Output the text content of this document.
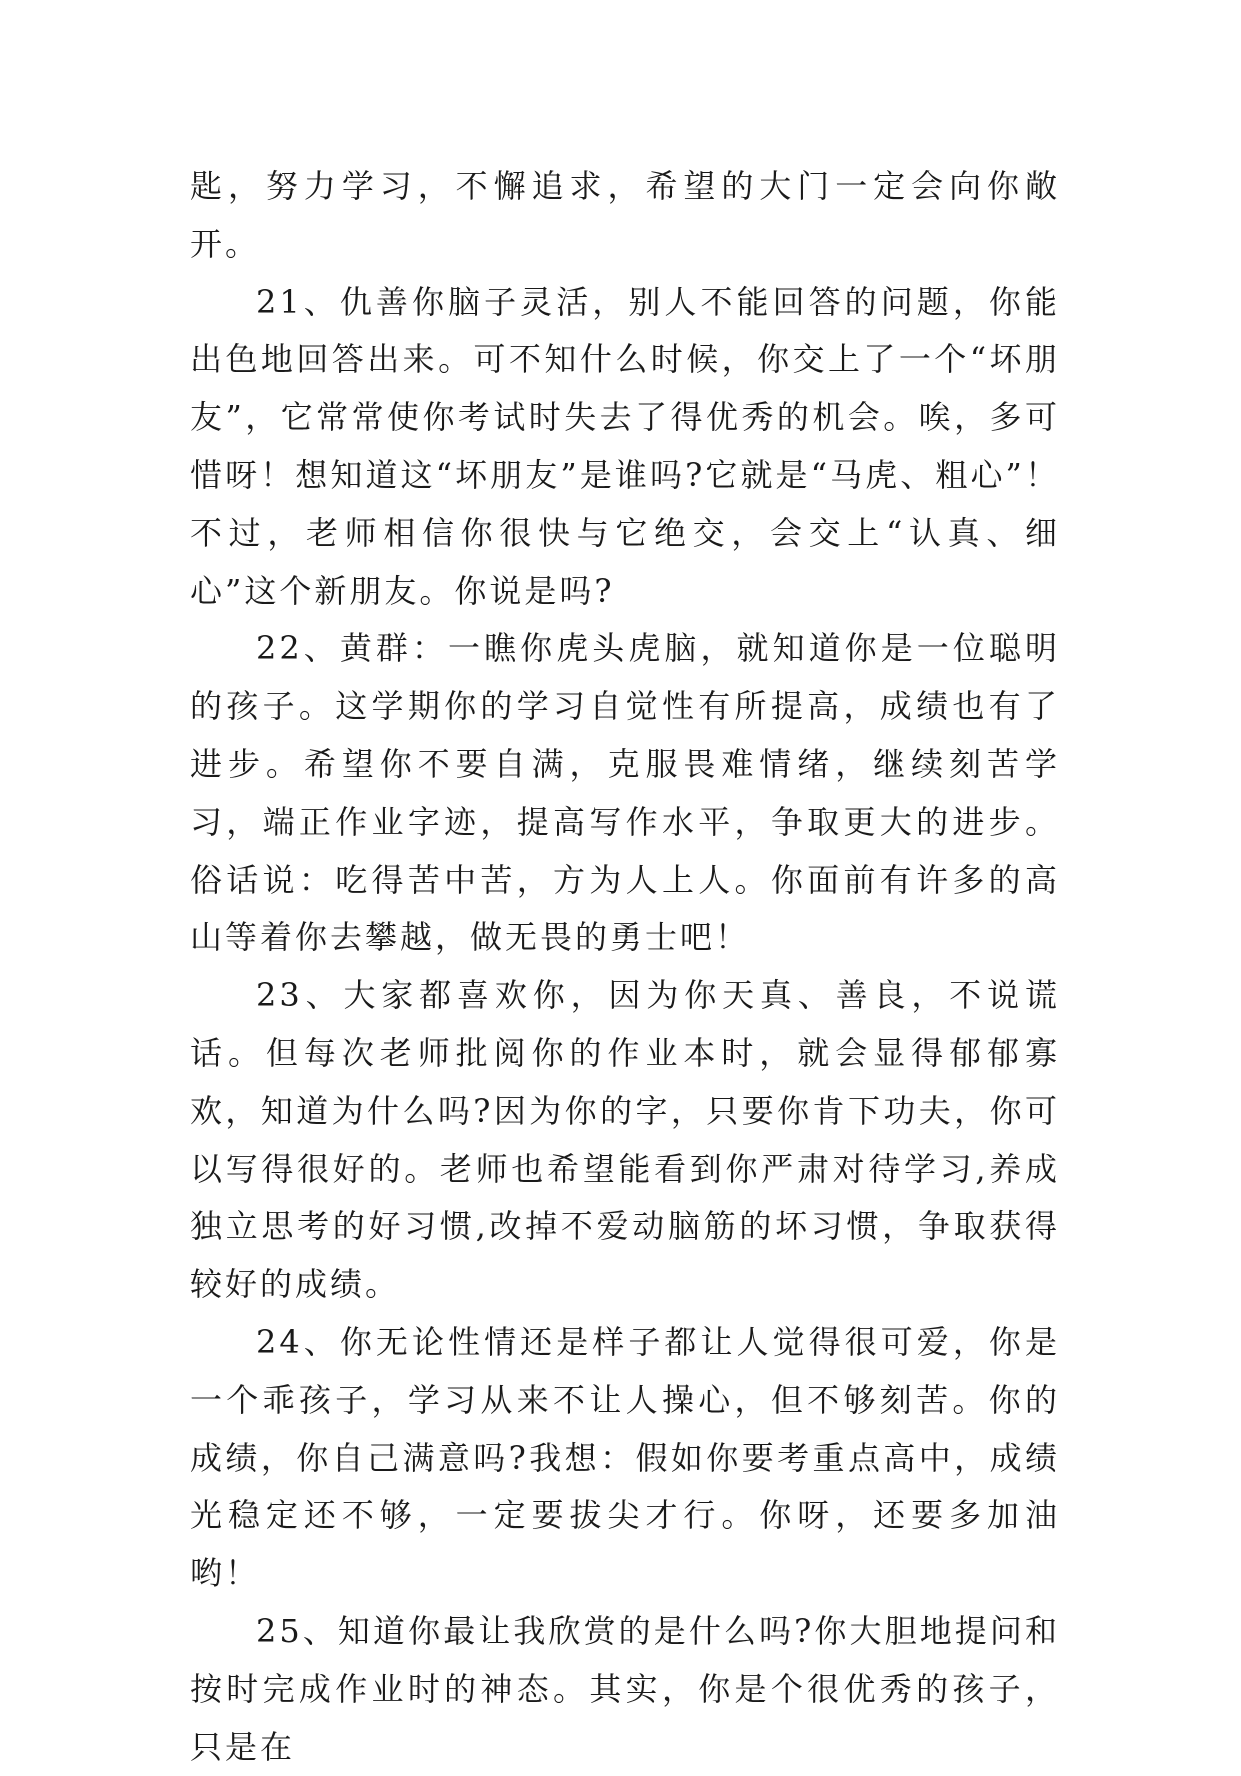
匙，努力学习，不懈追求，希望的大门一定会向你敞开。

21、仇善你脑子灵活，别人不能回答的问题，你能出色地回答出来。可不知什么时候，你交上了一个“坏朋友”，它常常使你考试时失去了得优秀的机会。唉，多可惜呀！想知道这“坏朋友”是谁吗?它就是“马虎、粗心”！不过，老师相信你很快与它绝交，会交上“认真、细心”这个新朋友。你说是吗?

22、黄群：一瞧你虎头虎脑，就知道你是一位聪明的孩子。这学期你的学习自觉性有所提高，成绩也有了进步。希望你不要自满，克服畏难情绪，继续刻苦学习，端正作业字迹，提高写作水平，争取更大的进步。俗话说：吃得苦中苦，方为人上人。你面前有许多的高山等着你去攀越，做无畏的勇士吧！

23、大家都喜欢你，因为你天真、善良，不说谎话。但每次老师批阅你的作业本时，就会显得郁郁寡欢，知道为什么吗?因为你的字，只要你肯下功夫，你可以写得很好的。老师也希望能看到你严肃对待学习,养成独立思考的好习惯,改掉不爱动脑筋的坏习惯，争取获得较好的成绩。

24、你无论性情还是样子都让人觉得很可爱，你是一个乖孩子，学习从来不让人操心，但不够刻苦。你的成绩，你自己满意吗?我想：假如你要考重点高中，成绩光稳定还不够，一定要拔尖才行。你呀，还要多加油哟！

25、知道你最让我欣赏的是什么吗?你大胆地提问和按时完成作业时的神态。其实，你是个很优秀的孩子，只是在
